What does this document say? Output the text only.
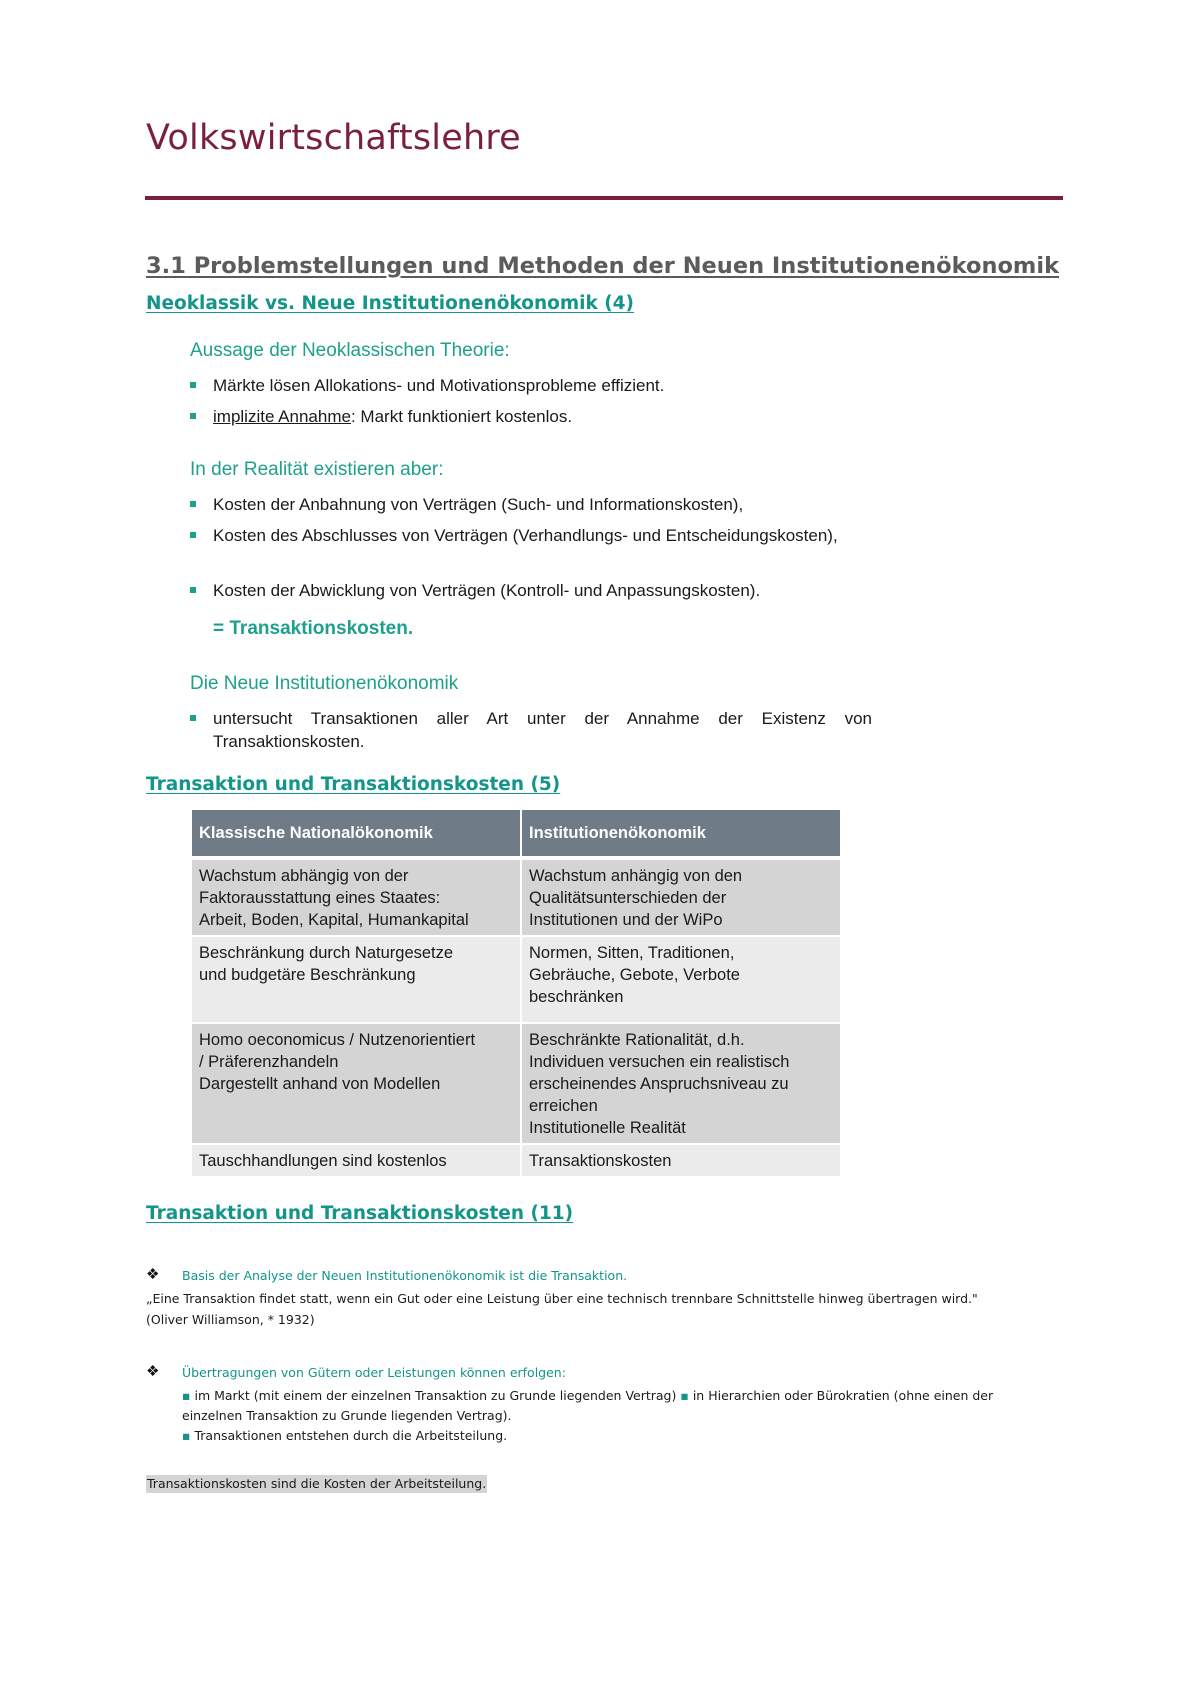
Volkswirtschaftslehre
3.1 Problemstellungen und Methoden der Neuen Institutionenökonomik
Neoklassik vs. Neue Institutionenökonomik (4)
Aussage der Neoklassischen Theorie:
Märkte lösen Allokations- und Motivationsprobleme effizient.
implizite Annahme: Markt funktioniert kostenlos.
In der Realität existieren aber:
Kosten der Anbahnung von Verträgen (Such- und Informationskosten),
Kosten des Abschlusses von Verträgen (Verhandlungs- und Entscheidungskosten),
Kosten der Abwicklung von Verträgen (Kontroll- und Anpassungskosten).
= Transaktionskosten.
Die Neue Institutionenökonomik
untersucht Transaktionen aller Art unter der Annahme der Existenz von Transaktionskosten.
Transaktion und Transaktionskosten (5)
Klassische Nationalökonomik	Institutionenökonomik
Wachstum abhängig von der
Faktorausstattung eines Staates:
Arbeit, Boden, Kapital, Humankapital	Wachstum anhängig von den
Qualitätsunterschieden der
Institutionen und der WiPo
Beschränkung durch Naturgesetze
und budgetäre Beschränkung	Normen, Sitten, Traditionen,
Gebräuche, Gebote, Verbote
beschränken
Homo oeconomicus / Nutzenorientiert
/ Präferenzhandeln
Dargestellt anhand von Modellen	Beschränkte Rationalität, d.h.
Individuen versuchen ein realistisch
erscheinendes Anspruchsniveau zu
erreichen
Institutionelle Realität
Tauschhandlungen sind kostenlos	Transaktionskosten
Transaktion und Transaktionskosten (11)
❖ Basis der Analyse der Neuen Institutionenökonomik ist die Transaktion.
„Eine Transaktion findet statt, wenn ein Gut oder eine Leistung über eine technisch trennbare Schnittstelle hinweg übertragen wird."
(Oliver Williamson, * 1932)
❖ Übertragungen von Gütern oder Leistungen können erfolgen:
▪ im Markt (mit einem der einzelnen Transaktion zu Grunde liegenden Vertrag) ▪ in Hierarchien oder Bürokratien (ohne einen der einzelnen Transaktion zu Grunde liegenden Vertrag).
▪ Transaktionen entstehen durch die Arbeitsteilung.
Transaktionskosten sind die Kosten der Arbeitsteilung.
